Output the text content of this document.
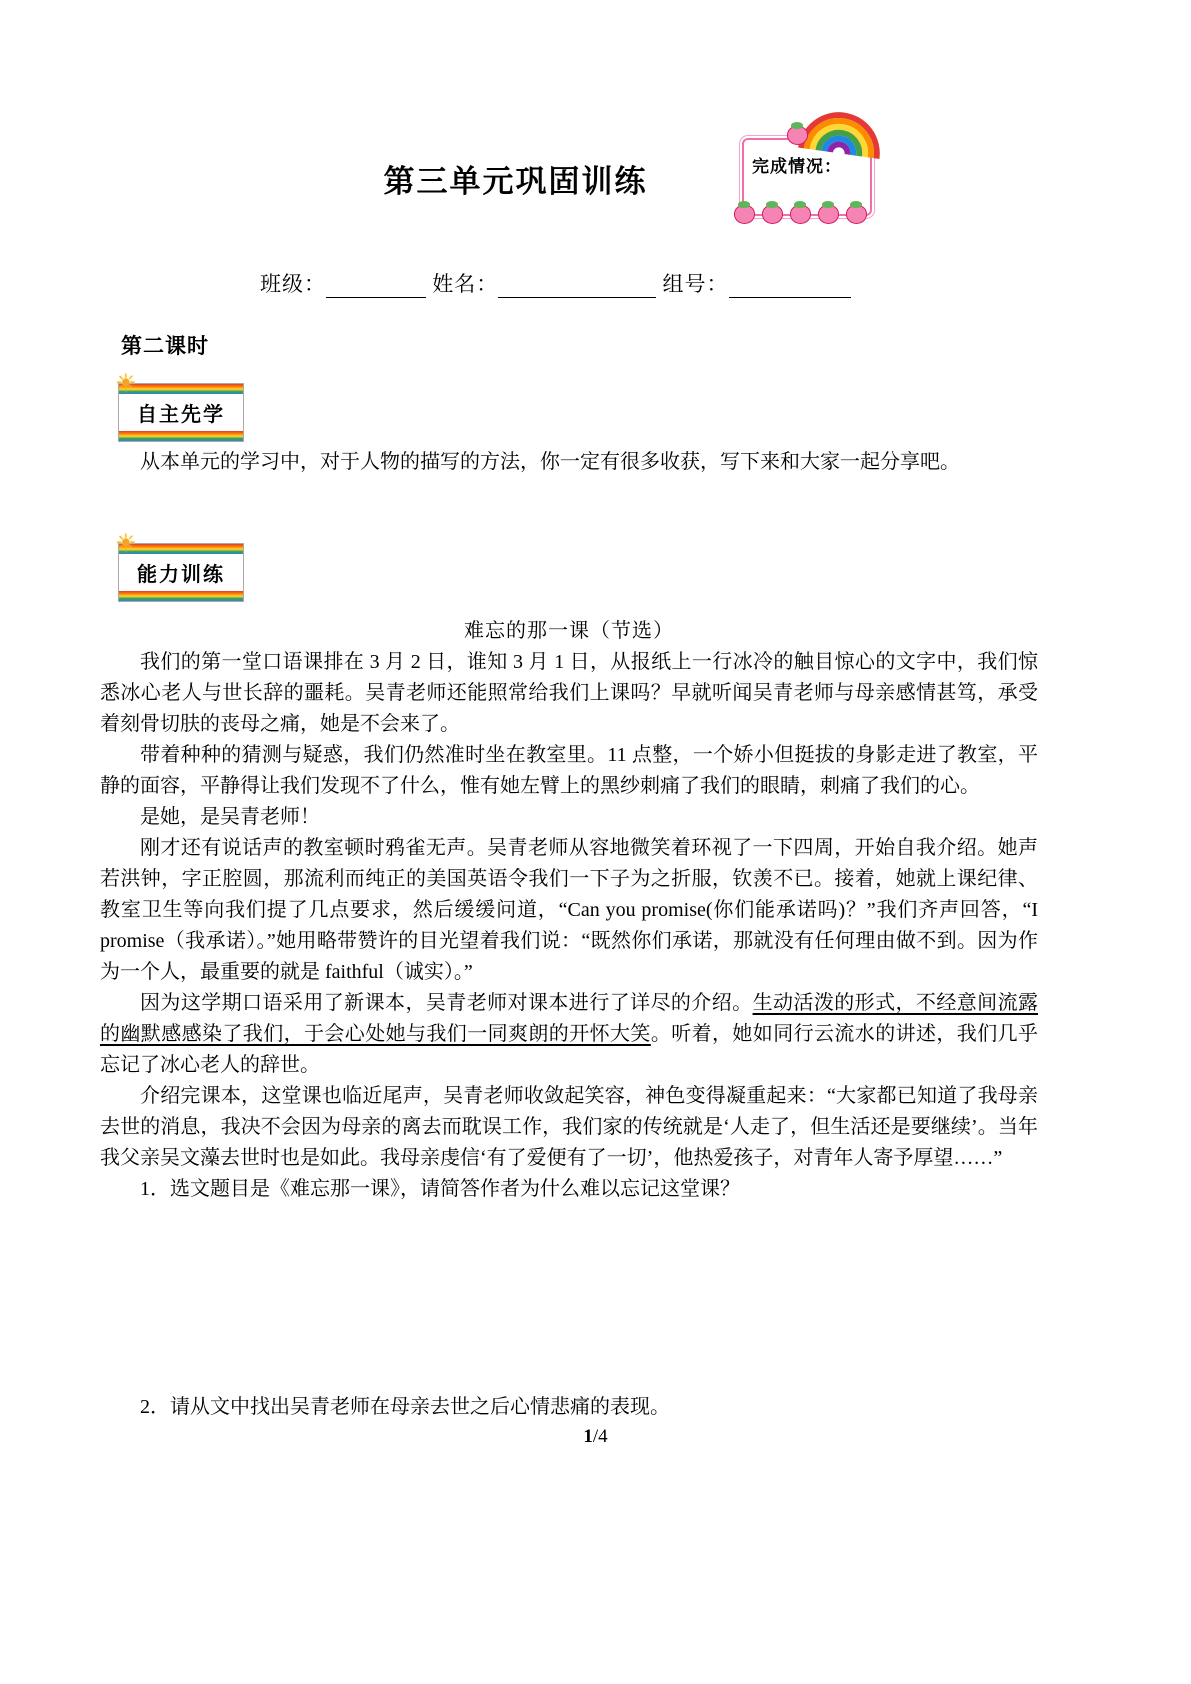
第三单元巩固训练	完成情况：
班级：	姓名：	组号：
第二课时
☀
自主先学

从本单元的学习中，对于人物的描写的方法，你一定有很多收获，写下来和大家一起分享吧。

☀
能力训练

难忘的那一课（节选）

我们的第一堂口语课排在 3 月 2 日，谁知 3 月 1 日，从报纸上一行冰冷的触目惊心的文字中，我们惊悉冰心老人与世长辞的噩耗。吴青老师还能照常给我们上课吗？早就听闻吴青老师与母亲感情甚笃，承受着刻骨切肤的丧母之痛，她是不会来了。

带着种种的猜测与疑惑，我们仍然准时坐在教室里。11 点整，一个娇小但挺拔的身影走进了教室，平静的面容，平静得让我们发现不了什么，惟有她左臂上的黑纱刺痛了我们的眼睛，刺痛了我们的心。

是她，是吴青老师！

刚才还有说话声的教室顿时鸦雀无声。吴青老师从容地微笑着环视了一下四周，开始自我介绍。她声若洪钟，字正腔圆，那流利而纯正的美国英语令我们一下子为之折服，钦羡不已。接着，她就上课纪律、教室卫生等向我们提了几点要求，然后缓缓问道，“Can you promise(你们能承诺吗)？”我们齐声回答，“I promise（我承诺）。”她用略带赞许的目光望着我们说：“既然你们承诺，那就没有任何理由做不到。因为作为一个人，最重要的就是 faithful（诚实）。”

因为这学期口语采用了新课本，吴青老师对课本进行了详尽的介绍。生动活泼的形式，不经意间流露的幽默感感染了我们，于会心处她与我们一同爽朗的开怀大笑。听着，她如同行云流水的讲述，我们几乎忘记了冰心老人的辞世。

介绍完课本，这堂课也临近尾声，吴青老师收敛起笑容，神色变得凝重起来：“大家都已知道了我母亲去世的消息，我决不会因为母亲的离去而耽误工作，我们家的传统就是‘人走了，但生活还是要继续’。当年我父亲吴文藻去世时也是如此。我母亲虔信‘有了爱便有了一切’，他热爱孩子，对青年人寄予厚望……”

1．选文题目是《难忘那一课》，请简答作者为什么难以忘记这堂课？

2．请从文中找出吴青老师在母亲去世之后心情悲痛的表现。

1/4
